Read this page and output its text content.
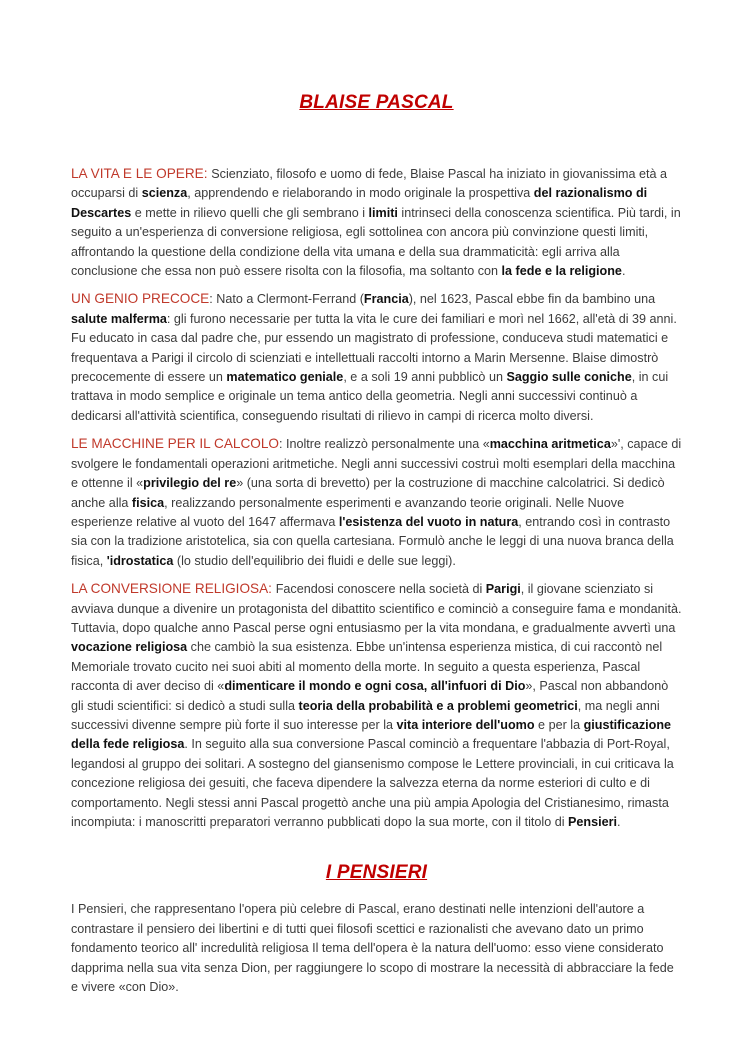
BLAISE PASCAL

LA VITA E LE OPERE: Scienziato, filosofo e uomo di fede, Blaise Pascal ha iniziato in giovanissima età a occuparsi di scienza, apprendendo e rielaborando in modo originale la prospettiva del razionalismo di Descartes e mette in rilievo quelli che gli sembrano i limiti intrinseci della conoscenza scientifica. Più tardi, in seguito a un'esperienza di conversione religiosa, egli sottolinea con ancora più convinzione questi limiti, affrontando la questione della condizione della vita umana e della sua drammaticità: egli arriva alla conclusione che essa non può essere risolta con la filosofia, ma soltanto con la fede e la religione.

UN GENIO PRECOCE: Nato a Clermont-Ferrand (Francia), nel 1623, Pascal ebbe fin da bambino una salute malferma: gli furono necessarie per tutta la vita le cure dei familiari e morì nel 1662, all'età di 39 anni. Fu educato in casa dal padre che, pur essendo un magistrato di professione, conduceva studi matematici e frequentava a Parigi il circolo di scienziati e intellettuali raccolti intorno a Marin Mersenne. Blaise dimostrò precocemente di essere un matematico geniale, e a soli 19 anni pubblicò un Saggio sulle coniche, in cui trattava in modo semplice e originale un tema antico della geometria. Negli anni successivi continuò a dedicarsi all'attività scientifica, conseguendo risultati di rilievo in campi di ricerca molto diversi.

LE MACCHINE PER IL CALCOLO: Inoltre realizzò personalmente una «macchina aritmetica»', capace di svolgere le fondamentali operazioni aritmetiche. Negli anni successivi costruì molti esemplari della macchina e ottenne il «privilegio del re» (una sorta di brevetto) per la costruzione di macchine calcolatrici. Si dedicò anche alla fisica, realizzando personalmente esperimenti e avanzando teorie originali. Nelle Nuove esperienze relative al vuoto del 1647 affermava l'esistenza del vuoto in natura, entrando così in contrasto sia con la tradizione aristotelica, sia con quella cartesiana. Formulò anche le leggi di una nuova branca della fisica, 'idrostatica (lo studio dell'equilibrio dei fluidi e delle sue leggi).

LA CONVERSIONE RELIGIOSA: Facendosi conoscere nella società di Parigi, il giovane scienziato si avviava dunque a divenire un protagonista del dibattito scientifico e cominciò a conseguire fama e mondanità. Tuttavia, dopo qualche anno Pascal perse ogni entusiasmo per la vita mondana, e gradualmente avvertì una vocazione religiosa che cambiò la sua esistenza. Ebbe un'intensa esperienza mistica, di cui raccontò nel Memoriale trovato cucito nei suoi abiti al momento della morte. In seguito a questa esperienza, Pascal racconta di aver deciso di «dimenticare il mondo e ogni cosa, all'infuori di Dio», Pascal non abbandonò gli studi scientifici: si dedicò a studi sulla teoria della probabilità e a problemi geometrici, ma negli anni successivi divenne sempre più forte il suo interesse per la vita interiore dell'uomo e per la giustificazione della fede religiosa. In seguito alla sua conversione Pascal cominciò a frequentare l'abbazia di Port-Royal, legandosi al gruppo dei solitari. A sostegno del giansenismo compose le Lettere provinciali, in cui criticava la concezione religiosa dei gesuiti, che faceva dipendere la salvezza eterna da norme esteriori di culto e di comportamento. Negli stessi anni Pascal progettò anche una più ampia Apologia del Cristianesimo, rimasta incompiuta: i manoscritti preparatori verranno pubblicati dopo la sua morte, con il titolo di Pensieri.

I PENSIERI

I Pensieri, che rappresentano l'opera più celebre di Pascal, erano destinati nelle intenzioni dell'autore a contrastare il pensiero dei libertini e di tutti quei filosofi scettici e razionalisti che avevano dato un primo fondamento teorico all' incredulità religiosa Il tema dell'opera è la natura dell'uomo: esso viene considerato dapprima nella sua vita senza Dion, per raggiungere lo scopo di mostrare la necessità di abbracciare la fede e vivere «con Dio».
